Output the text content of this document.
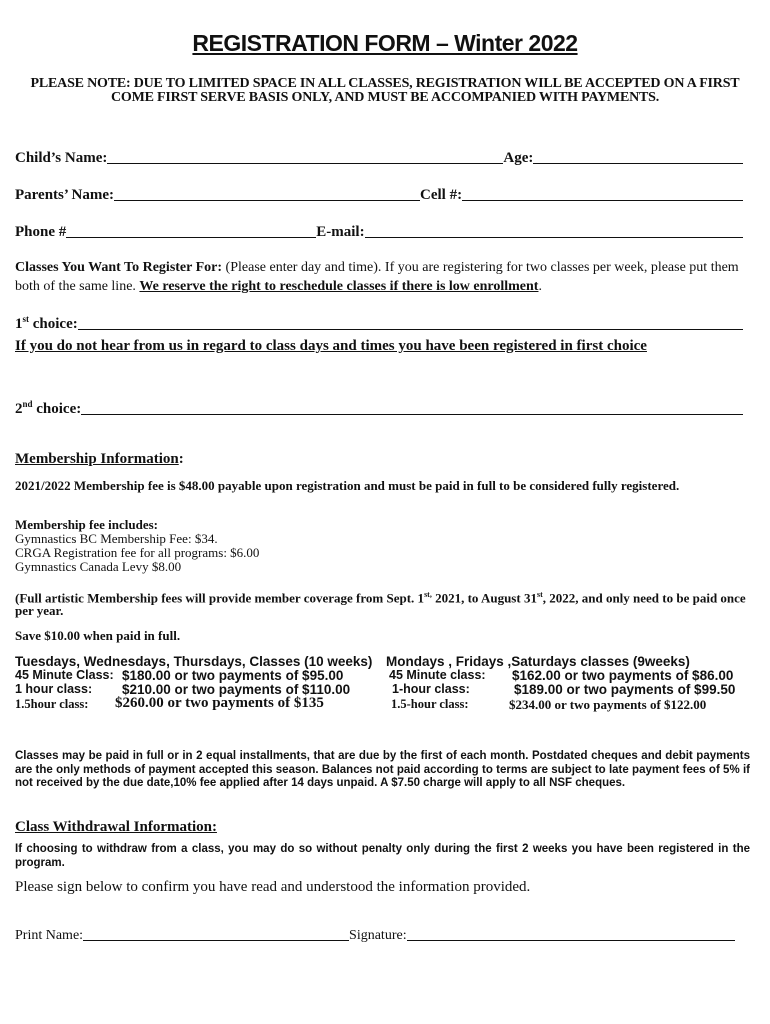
REGISTRATION FORM – Winter 2022
PLEASE NOTE: DUE TO LIMITED SPACE IN ALL CLASSES, REGISTRATION WILL BE ACCEPTED ON A FIRST COME FIRST SERVE BASIS ONLY, AND MUST BE ACCOMPANIED WITH PAYMENTS.
Child’s Name:	Age:
Parents’ Name:	Cell #:
Phone #	E-mail:
Classes You Want To Register For: (Please enter day and time). If you are registering for two classes per week, please put them both of the same line. We reserve the right to reschedule classes if there is low enrollment.
1st choice:
If you do not hear from us in regard to class days and times you have been registered in first choice
2nd choice:
Membership Information:
2021/2022 Membership fee is $48.00 payable upon registration and must be paid in full to be considered fully registered.
Membership fee includes:
Gymnastics BC Membership Fee: $34.
CRGA Registration fee for all programs: $6.00
Gymnastics Canada Levy $8.00
(Full artistic Membership fees will provide member coverage from Sept. $1^{st,}$ 2021, to August 31st, 2022, and only need to be paid once per year.
Save $10.00 when paid in full.
Tuesdays, Wednesdays, Thursdays, Classes (10 weeks)
45 Minute Class: $180.00 or two payments of $95.00
1 hour class: $210.00 or two payments of $110.00
1.5hour class: $260.00 or two payments of $135
Mondays , Fridays ,Saturdays classes (9weeks)
45 Minute class: $162.00 or two payments of $86.00
1-hour class:	$189.00 or two payments of $99.50
1.5-hour class:	$234.00 or two payments of $122.00
Classes may be paid in full or in 2 equal installments, that are due by the first of each month. Postdated cheques and debit payments are the only methods of payment accepted this season. Balances not paid according to terms are subject to late payment fees of 5% if not received by the due date,10% fee applied after 14 days unpaid. A $7.50 charge will apply to all NSF cheques.
Class Withdrawal Information:
If choosing to withdraw from a class, you may do so without penalty only during the first 2 weeks you have been registered in the program.
Please sign below to confirm you have read and understood the information provided.
Print Name:	Signature:
